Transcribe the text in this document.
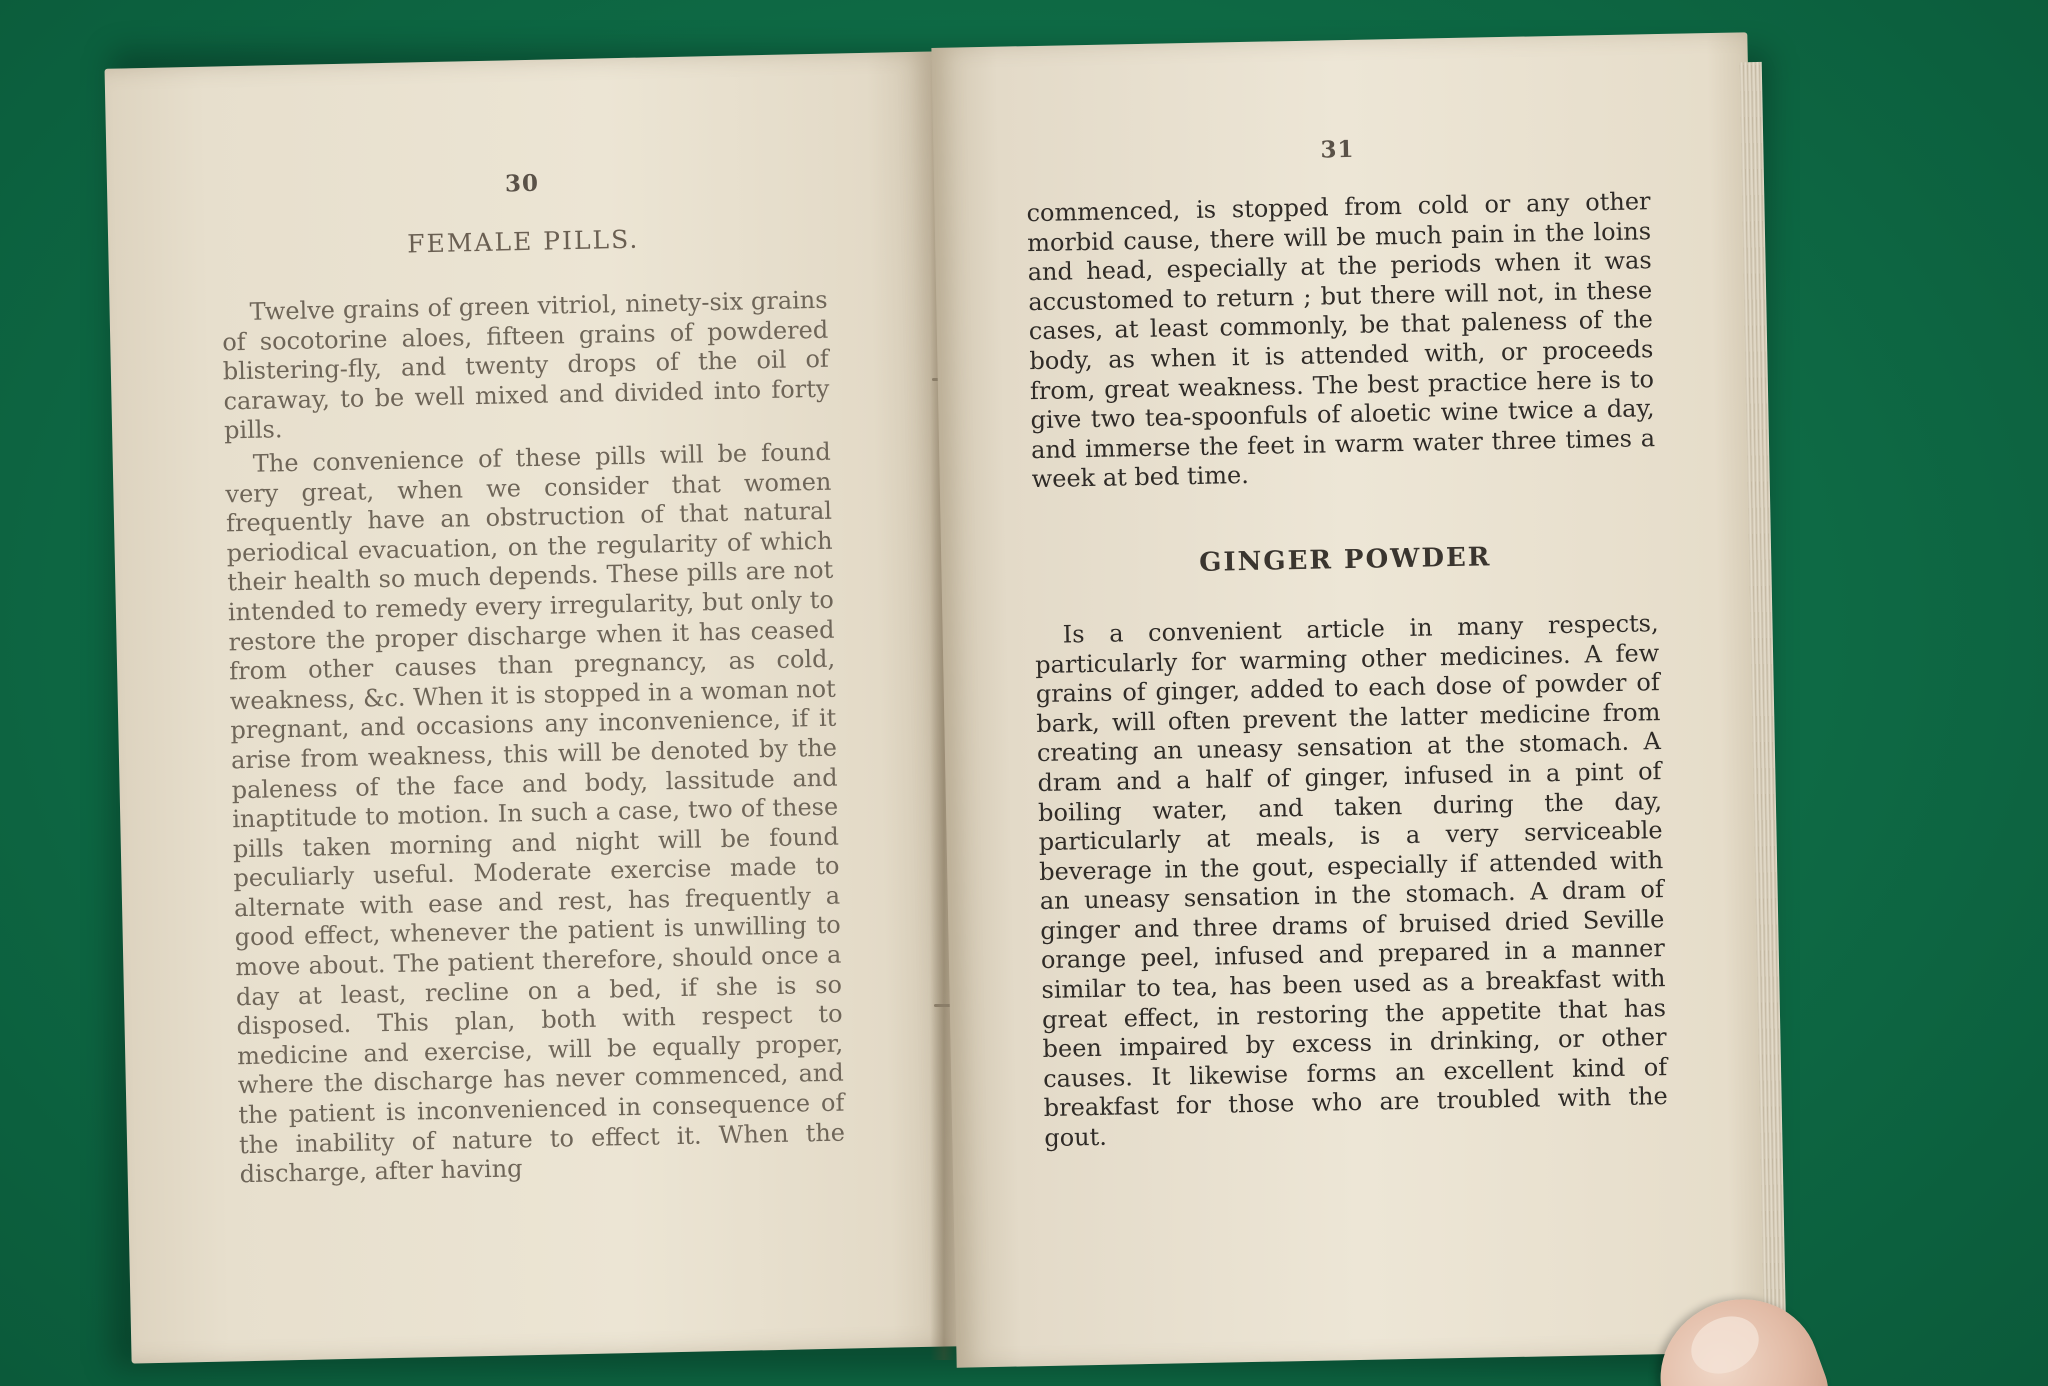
30
FEMALE PILLS.

Twelve grains of green vitriol, ninety-six grains of socotorine aloes, fifteen grains of powdered blistering-fly, and twenty drops of the oil of caraway, to be well mixed and divided into forty pills.

The convenience of these pills will be found very great, when we consider that women frequently have an obstruction of that natural periodical evacuation, on the regularity of which their health so much depends. These pills are not intended to remedy every irregularity, but only to restore the proper discharge when it has ceased from other causes than pregnancy, as cold, weakness, &c. When it is stopped in a woman not pregnant, and occasions any inconvenience, if it arise from weakness, this will be denoted by the paleness of the face and body, lassitude and inaptitude to motion. In such a case, two of these pills taken morning and night will be found peculiarly useful. Moderate exercise made to alternate with ease and rest, has frequently a good effect, whenever the patient is unwilling to move about. The patient therefore, should once a day at least, recline on a bed, if she is so disposed. This plan, both with respect to medicine and exercise, will be equally proper, where the discharge has never commenced, and the patient is inconvenienced in consequence of the inability of nature to effect it. When the discharge, after having

31

commenced, is stopped from cold or any other morbid cause, there will be much pain in the loins and head, especially at the periods when it was accustomed to return ; but there will not, in these cases, at least commonly, be that paleness of the body, as when it is attended with, or proceeds from, great weakness. The best practice here is to give two tea-spoonfuls of aloetic wine twice a day, and immerse the feet in warm water three times a week at bed time.

GINGER POWDER

Is a convenient article in many respects, particularly for warming other medicines. A few grains of ginger, added to each dose of powder of bark, will often prevent the latter medicine from creating an uneasy sensation at the stomach. A dram and a half of ginger, infused in a pint of boiling water, and taken during the day, particularly at meals, is a very serviceable beverage in the gout, especially if attended with an uneasy sensation in the stomach. A dram of ginger and three drams of bruised dried Seville orange peel, infused and prepared in a manner similar to tea, has been used as a breakfast with great effect, in restoring the appetite that has been impaired by excess in drinking, or other causes. It likewise forms an excellent kind of breakfast for those who are troubled with the gout.
